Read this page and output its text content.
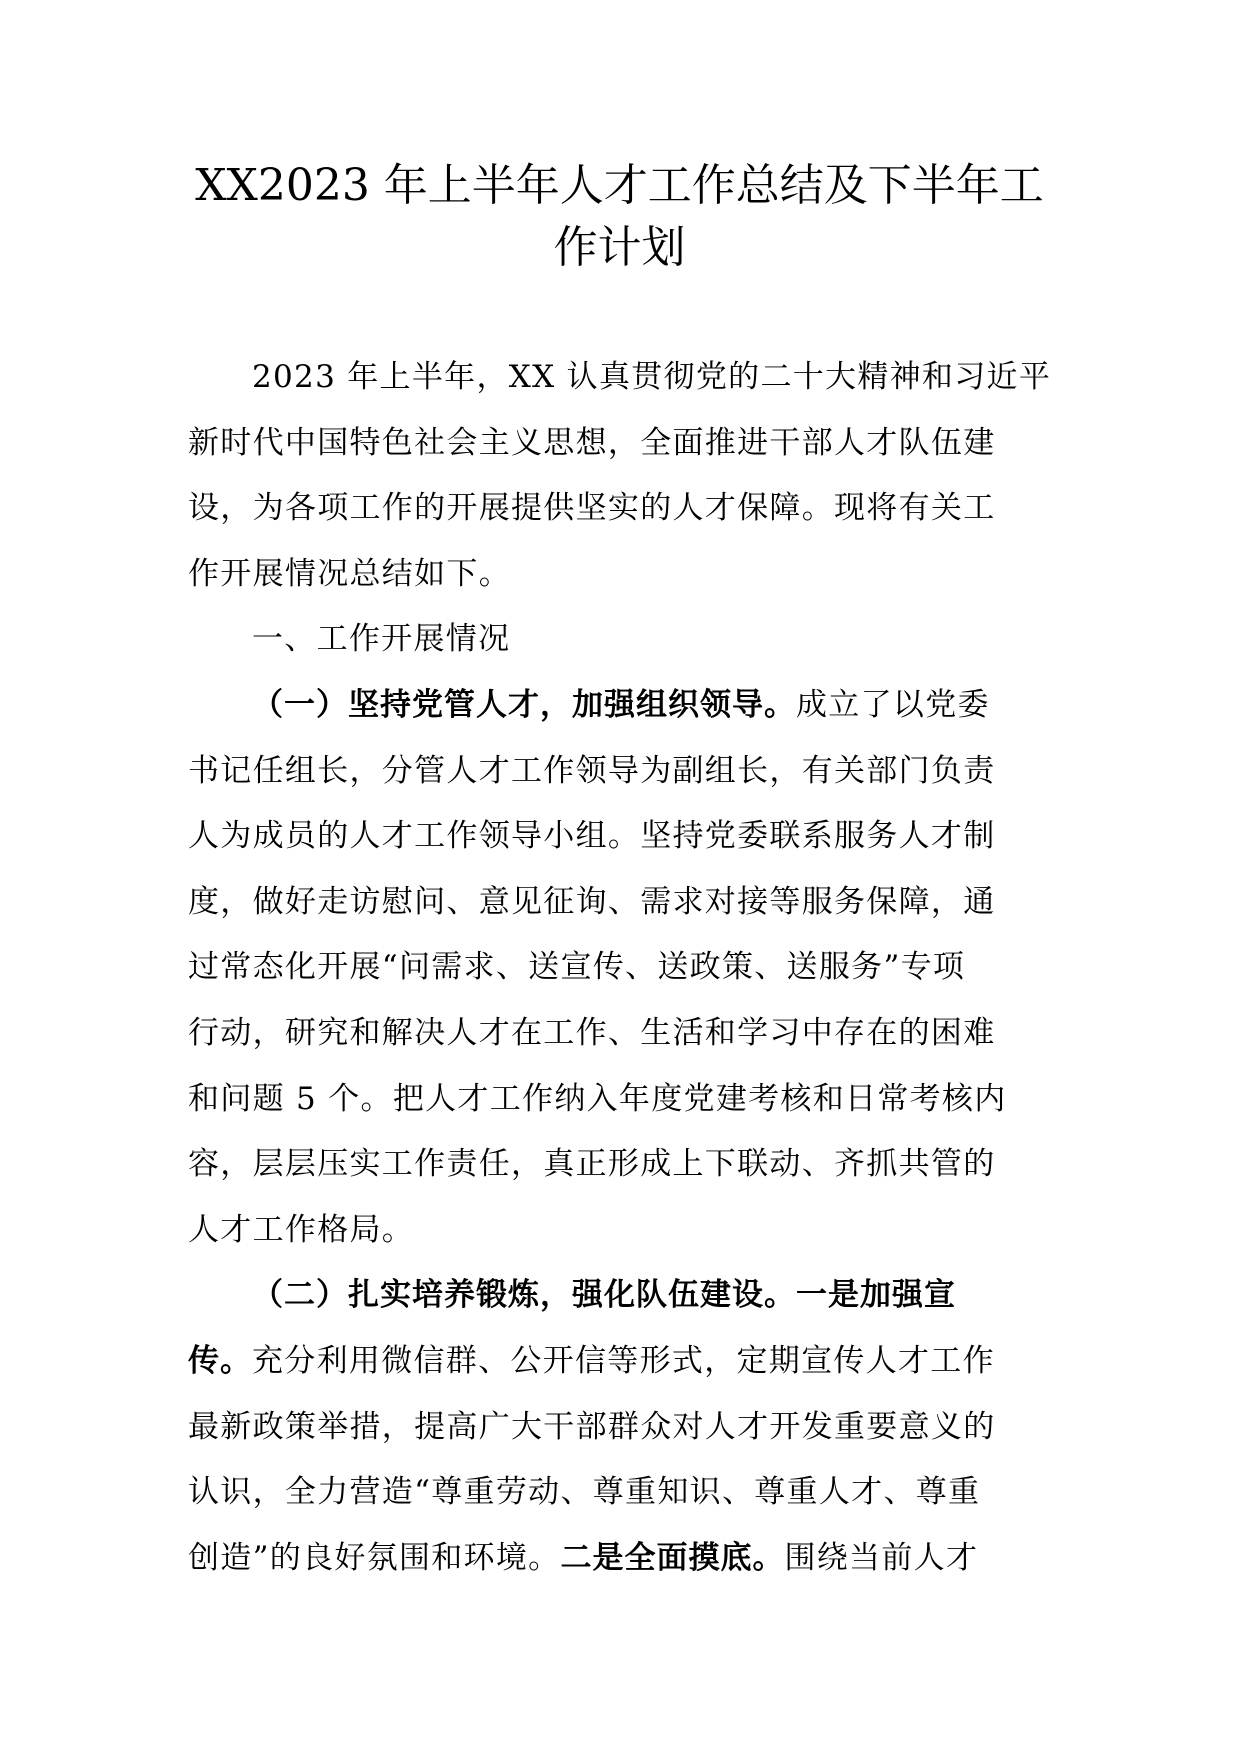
XX2023 年上半年人才工作总结及下半年工
作计划
2023 年上半年，XX 认真贯彻党的二十大精神和习近平
新时代中国特色社会主义思想，全面推进干部人才队伍建
设，为各项工作的开展提供坚实的人才保障。现将有关工
作开展情况总结如下。
一、工作开展情况
（一）坚持党管人才，加强组织领导。成立了以党委
书记任组长，分管人才工作领导为副组长，有关部门负责
人为成员的人才工作领导小组。坚持党委联系服务人才制
度，做好走访慰问、意见征询、需求对接等服务保障，通
过常态化开展“问需求、送宣传、送政策、送服务”专项
行动，研究和解决人才在工作、生活和学习中存在的困难
和问题 5 个。把人才工作纳入年度党建考核和日常考核内
容，层层压实工作责任，真正形成上下联动、齐抓共管的
人才工作格局。
（二）扎实培养锻炼，强化队伍建设。一是加强宣
传。充分利用微信群、公开信等形式，定期宣传人才工作
最新政策举措，提高广大干部群众对人才开发重要意义的
认识，全力营造“尊重劳动、尊重知识、尊重人才、尊重
创造”的良好氛围和环境。二是全面摸底。围绕当前人才
